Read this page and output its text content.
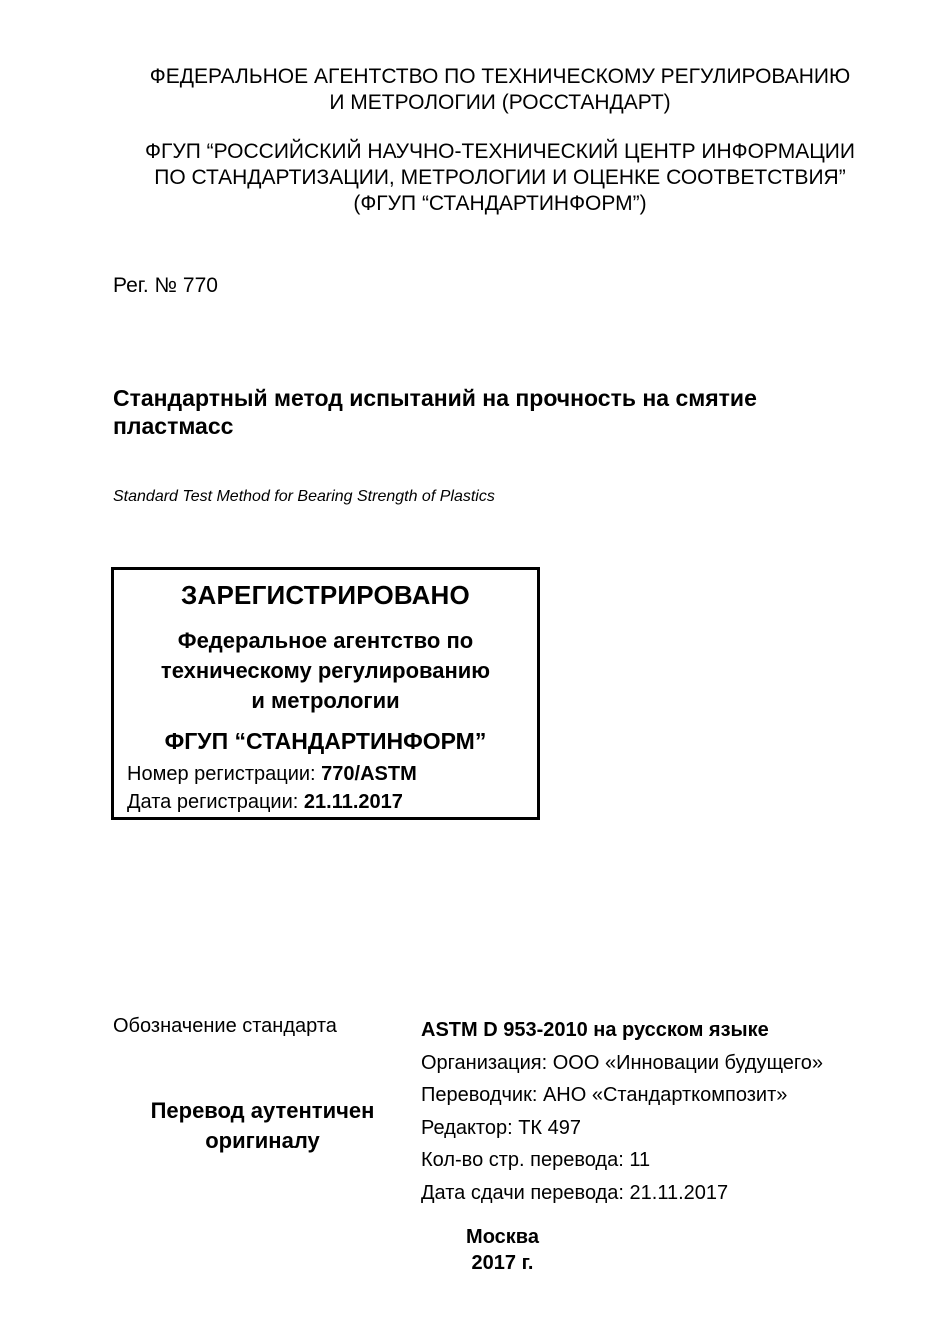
ФЕДЕРАЛЬНОЕ АГЕНТСТВО ПО ТЕХНИЧЕСКОМУ РЕГУЛИРОВАНИЮ

И МЕТРОЛОГИИ (РОССТАНДАРТ)

ФГУП “РОССИЙСКИЙ НАУЧНО-ТЕХНИЧЕСКИЙ ЦЕНТР ИНФОРМАЦИИ

ПО СТАНДАРТИЗАЦИИ, МЕТРОЛОГИИ И ОЦЕНКЕ СООТВЕТСТВИЯ”

(ФГУП “СТАНДАРТИНФОРМ”)

Рег. № 770
Стандартный метод испытаний на прочность на смятие пластмасс
Standard Test Method for Bearing Strength of Plastics
ЗАРЕГИСТРИРОВАНО

Федеральное агентство по

техническому регулированию

и метрологии

ФГУП “СТАНДАРТИНФОРМ”
Номер регистрации: 770/ASTM
Дата регистрации: 21.11.2017
Обозначение стандарта

Перевод аутентичен

оригиналу

ASTM D 953-2010 на русском языке
Организация: ООО «Инновации будущего»
Переводчик: АНО «Стандарткомпозит»
Редактор: ТК 497
Кол-во стр. перевода: 11
Дата сдачи перевода: 21.11.2017

Москва

2017 г.
